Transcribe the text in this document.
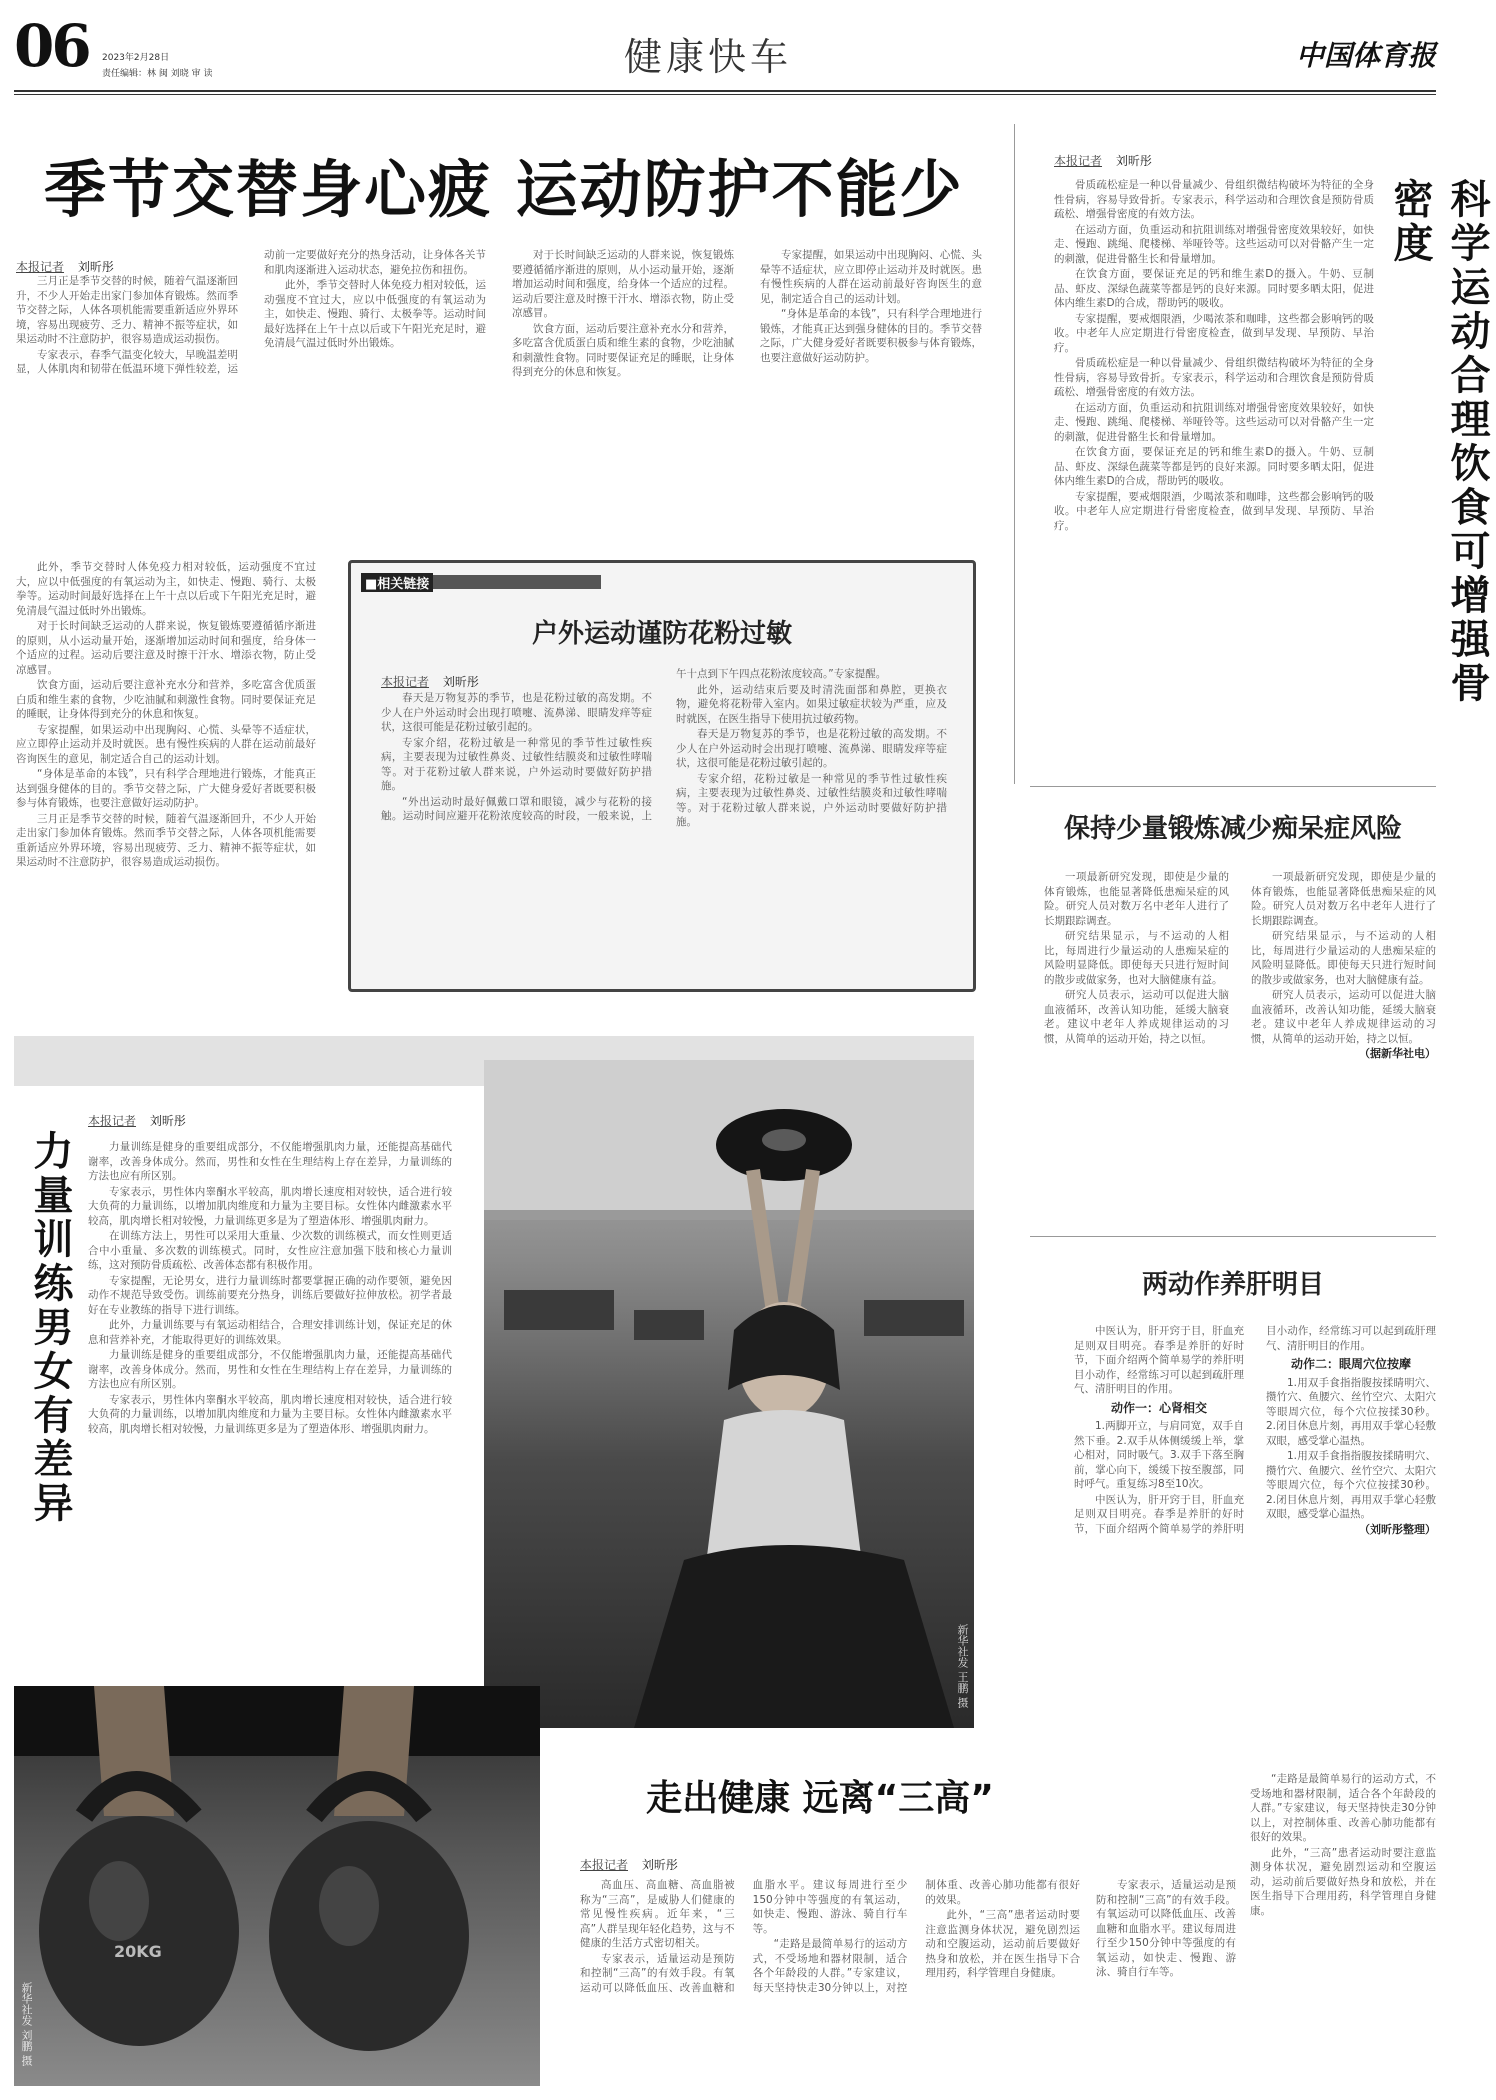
06 2023年2月28日
责任编辑：林 闽 刘晓 审 读	健康快车	中国体育报
季节交替身心疲 运动防护不能少
本报记者 刘昕彤

三月正是季节交替的时候，随着气温逐渐回升，不少人开始走出家门参加体育锻炼。然而季节交替之际，人体各项机能需要重新适应外界环境，容易出现疲劳、乏力、精神不振等症状，如果运动时不注意防护，很容易造成运动损伤。

专家表示，春季气温变化较大，早晚温差明显，人体肌肉和韧带在低温环境下弹性较差，运动前一定要做好充分的热身活动，让身体各关节和肌肉逐渐进入运动状态，避免拉伤和扭伤。

此外，季节交替时人体免疫力相对较低，运动强度不宜过大，应以中低强度的有氧运动为主，如快走、慢跑、骑行、太极拳等。运动时间最好选择在上午十点以后或下午阳光充足时，避免清晨气温过低时外出锻炼。

对于长时间缺乏运动的人群来说，恢复锻炼要遵循循序渐进的原则，从小运动量开始，逐渐增加运动时间和强度，给身体一个适应的过程。运动后要注意及时擦干汗水、增添衣物，防止受凉感冒。

饮食方面，运动后要注意补充水分和营养，多吃富含优质蛋白质和维生素的食物，少吃油腻和刺激性食物。同时要保证充足的睡眠，让身体得到充分的休息和恢复。

专家提醒，如果运动中出现胸闷、心慌、头晕等不适症状，应立即停止运动并及时就医。患有慢性疾病的人群在运动前最好咨询医生的意见，制定适合自己的运动计划。

“身体是革命的本钱”，只有科学合理地进行锻炼，才能真正达到强身健体的目的。季节交替之际，广大健身爱好者既要积极参与体育锻炼，也要注意做好运动防护。

此外，季节交替时人体免疫力相对较低，运动强度不宜过大，应以中低强度的有氧运动为主，如快走、慢跑、骑行、太极拳等。运动时间最好选择在上午十点以后或下午阳光充足时，避免清晨气温过低时外出锻炼。

对于长时间缺乏运动的人群来说，恢复锻炼要遵循循序渐进的原则，从小运动量开始，逐渐增加运动时间和强度，给身体一个适应的过程。运动后要注意及时擦干汗水、增添衣物，防止受凉感冒。

饮食方面，运动后要注意补充水分和营养，多吃富含优质蛋白质和维生素的食物，少吃油腻和刺激性食物。同时要保证充足的睡眠，让身体得到充分的休息和恢复。

专家提醒，如果运动中出现胸闷、心慌、头晕等不适症状，应立即停止运动并及时就医。患有慢性疾病的人群在运动前最好咨询医生的意见，制定适合自己的运动计划。

“身体是革命的本钱”，只有科学合理地进行锻炼，才能真正达到强身健体的目的。季节交替之际，广大健身爱好者既要积极参与体育锻炼，也要注意做好运动防护。

三月正是季节交替的时候，随着气温逐渐回升，不少人开始走出家门参加体育锻炼。然而季节交替之际，人体各项机能需要重新适应外界环境，容易出现疲劳、乏力、精神不振等症状，如果运动时不注意防护，很容易造成运动损伤。

■相关链接
户外运动谨防花粉过敏
本报记者 刘昕彤

春天是万物复苏的季节，也是花粉过敏的高发期。不少人在户外运动时会出现打喷嚏、流鼻涕、眼睛发痒等症状，这很可能是花粉过敏引起的。

专家介绍，花粉过敏是一种常见的季节性过敏性疾病，主要表现为过敏性鼻炎、过敏性结膜炎和过敏性哮喘等。对于花粉过敏人群来说，户外运动时要做好防护措施。

“外出运动时最好佩戴口罩和眼镜，减少与花粉的接触。运动时间应避开花粉浓度较高的时段，一般来说，上午十点到下午四点花粉浓度较高。”专家提醒。

此外，运动结束后要及时清洗面部和鼻腔，更换衣物，避免将花粉带入室内。如果过敏症状较为严重，应及时就医，在医生指导下使用抗过敏药物。

春天是万物复苏的季节，也是花粉过敏的高发期。不少人在户外运动时会出现打喷嚏、流鼻涕、眼睛发痒等症状，这很可能是花粉过敏引起的。

专家介绍，花粉过敏是一种常见的季节性过敏性疾病，主要表现为过敏性鼻炎、过敏性结膜炎和过敏性哮喘等。对于花粉过敏人群来说，户外运动时要做好防护措施。

本报记者 刘昕彤

骨质疏松症是一种以骨量减少、骨组织微结构破坏为特征的全身性骨病，容易导致骨折。专家表示，科学运动和合理饮食是预防骨质疏松、增强骨密度的有效方法。

在运动方面，负重运动和抗阻训练对增强骨密度效果较好，如快走、慢跑、跳绳、爬楼梯、举哑铃等。这些运动可以对骨骼产生一定的刺激，促进骨骼生长和骨量增加。

在饮食方面，要保证充足的钙和维生素D的摄入。牛奶、豆制品、虾皮、深绿色蔬菜等都是钙的良好来源。同时要多晒太阳，促进体内维生素D的合成，帮助钙的吸收。

专家提醒，要戒烟限酒，少喝浓茶和咖啡，这些都会影响钙的吸收。中老年人应定期进行骨密度检查，做到早发现、早预防、早治疗。

骨质疏松症是一种以骨量减少、骨组织微结构破坏为特征的全身性骨病，容易导致骨折。专家表示，科学运动和合理饮食是预防骨质疏松、增强骨密度的有效方法。

在运动方面，负重运动和抗阻训练对增强骨密度效果较好，如快走、慢跑、跳绳、爬楼梯、举哑铃等。这些运动可以对骨骼产生一定的刺激，促进骨骼生长和骨量增加。

在饮食方面，要保证充足的钙和维生素D的摄入。牛奶、豆制品、虾皮、深绿色蔬菜等都是钙的良好来源。同时要多晒太阳，促进体内维生素D的合成，帮助钙的吸收。

专家提醒，要戒烟限酒，少喝浓茶和咖啡，这些都会影响钙的吸收。中老年人应定期进行骨密度检查，做到早发现、早预防、早治疗。	科学运动合理饮食可增强骨密度
保持少量锻炼减少痴呆症风险

一项最新研究发现，即使是少量的体育锻炼，也能显著降低患痴呆症的风险。研究人员对数万名中老年人进行了长期跟踪调查。

研究结果显示，与不运动的人相比，每周进行少量运动的人患痴呆症的风险明显降低。即使每天只进行短时间的散步或做家务，也对大脑健康有益。

研究人员表示，运动可以促进大脑血液循环，改善认知功能，延缓大脑衰老。建议中老年人养成规律运动的习惯，从简单的运动开始，持之以恒。

一项最新研究发现，即使是少量的体育锻炼，也能显著降低患痴呆症的风险。研究人员对数万名中老年人进行了长期跟踪调查。

研究结果显示，与不运动的人相比，每周进行少量运动的人患痴呆症的风险明显降低。即使每天只进行短时间的散步或做家务，也对大脑健康有益。

研究人员表示，运动可以促进大脑血液循环，改善认知功能，延缓大脑衰老。建议中老年人养成规律运动的习惯，从简单的运动开始，持之以恒。

（据新华社电）
两动作养肝明目

中医认为，肝开窍于目，肝血充足则双目明亮。春季是养肝的好时节，下面介绍两个简单易学的养肝明目小动作，经常练习可以起到疏肝理气、清肝明目的作用。

动作一：心肾相交

1.两脚开立，与肩同宽，双手自然下垂。2.双手从体侧缓缓上举，掌心相对，同时吸气。3.双手下落至胸前，掌心向下，缓缓下按至腹部，同时呼气。重复练习8至10次。

中医认为，肝开窍于目，肝血充足则双目明亮。春季是养肝的好时节，下面介绍两个简单易学的养肝明目小动作，经常练习可以起到疏肝理气、清肝明目的作用。

动作二：眼周穴位按摩

1.用双手食指指腹按揉睛明穴、攒竹穴、鱼腰穴、丝竹空穴、太阳穴等眼周穴位，每个穴位按揉30秒。2.闭目休息片刻，再用双手掌心轻敷双眼，感受掌心温热。

1.用双手食指指腹按揉睛明穴、攒竹穴、鱼腰穴、丝竹空穴、太阳穴等眼周穴位，每个穴位按揉30秒。2.闭目休息片刻，再用双手掌心轻敷双眼，感受掌心温热。

（刘昕彤整理）
力量训练男女有差异
本报记者 刘昕彤

力量训练是健身的重要组成部分，不仅能增强肌肉力量，还能提高基础代谢率，改善身体成分。然而，男性和女性在生理结构上存在差异，力量训练的方法也应有所区别。

专家表示，男性体内睾酮水平较高，肌肉增长速度相对较快，适合进行较大负荷的力量训练，以增加肌肉维度和力量为主要目标。女性体内雌激素水平较高，肌肉增长相对较慢，力量训练更多是为了塑造体形、增强肌肉耐力。

在训练方法上，男性可以采用大重量、少次数的训练模式，而女性则更适合中小重量、多次数的训练模式。同时，女性应注意加强下肢和核心力量训练，这对预防骨质疏松、改善体态都有积极作用。

专家提醒，无论男女，进行力量训练时都要掌握正确的动作要领，避免因动作不规范导致受伤。训练前要充分热身，训练后要做好拉伸放松。初学者最好在专业教练的指导下进行训练。

此外，力量训练要与有氧运动相结合，合理安排训练计划，保证充足的休息和营养补充，才能取得更好的训练效果。

力量训练是健身的重要组成部分，不仅能增强肌肉力量，还能提高基础代谢率，改善身体成分。然而，男性和女性在生理结构上存在差异，力量训练的方法也应有所区别。

专家表示，男性体内睾酮水平较高，肌肉增长速度相对较快，适合进行较大负荷的力量训练，以增加肌肉维度和力量为主要目标。女性体内雌激素水平较高，肌肉增长相对较慢，力量训练更多是为了塑造体形、增强肌肉耐力。

新华社发 王鹏 摄
20KG
新华社发 刘鹏 摄
走出健康 远离“三高”
本报记者 刘昕彤

高血压、高血糖、高血脂被称为“三高”，是威胁人们健康的常见慢性疾病。近年来，“三高”人群呈现年轻化趋势，这与不健康的生活方式密切相关。

专家表示，适量运动是预防和控制“三高”的有效手段。有氧运动可以降低血压、改善血糖和血脂水平。建议每周进行至少150分钟中等强度的有氧运动，如快走、慢跑、游泳、骑自行车等。

“走路是最简单易行的运动方式，不受场地和器材限制，适合各个年龄段的人群。”专家建议，每天坚持快走30分钟以上，对控制体重、改善心肺功能都有很好的效果。

此外，“三高”患者运动时要注意监测身体状况，避免剧烈运动和空腹运动，运动前后要做好热身和放松，并在医生指导下合理用药，科学管理自身健康。

“走路是最简单易行的运动方式，不受场地和器材限制，适合各个年龄段的人群。”专家建议，每天坚持快走30分钟以上，对控制体重、改善心肺功能都有很好的效果。

此外，“三高”患者运动时要注意监测身体状况，避免剧烈运动和空腹运动，运动前后要做好热身和放松，并在医生指导下合理用药，科学管理自身健康。

专家表示，适量运动是预防和控制“三高”的有效手段。有氧运动可以降低血压、改善血糖和血脂水平。建议每周进行至少150分钟中等强度的有氧运动，如快走、慢跑、游泳、骑自行车等。
